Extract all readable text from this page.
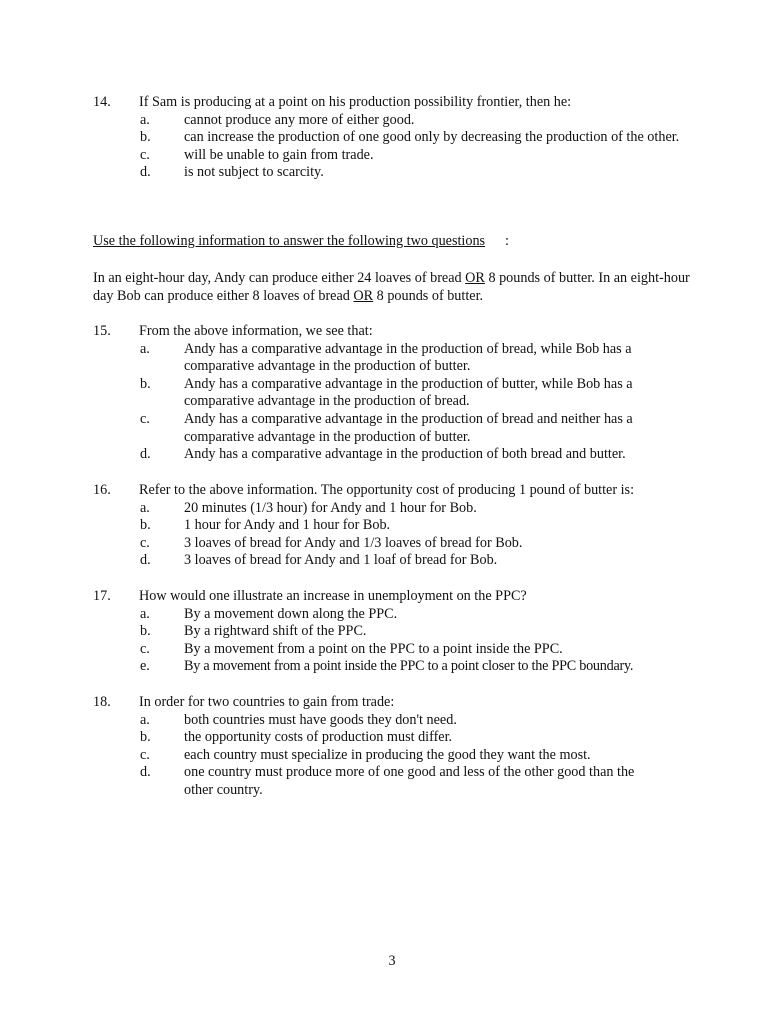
14. If Sam is producing at a point on his production possibility frontier, then he:
a. cannot produce any more of either good.
b. can increase the production of one good only by decreasing the production of the other.
c. will be unable to gain from trade.
d. is not subject to scarcity.
Use the following information to answer the following two questions :
In an eight-hour day, Andy can produce either 24 loaves of bread OR 8 pounds of butter. In an eight-hour day Bob can produce either 8 loaves of bread OR 8 pounds of butter.
15. From the above information, we see that:
a. Andy has a comparative advantage in the production of bread, while Bob has a comparative advantage in the production of butter.
b. Andy has a comparative advantage in the production of butter, while Bob has a comparative advantage in the production of bread.
c. Andy has a comparative advantage in the production of bread and neither has a comparative advantage in the production of butter.
d. Andy has a comparative advantage in the production of both bread and butter.
16. Refer to the above information. The opportunity cost of producing 1 pound of butter is:
a. 20 minutes (1/3 hour) for Andy and 1 hour for Bob.
b. 1 hour for Andy and 1 hour for Bob.
c. 3 loaves of bread for Andy and 1/3 loaves of bread for Bob.
d. 3 loaves of bread for Andy and 1 loaf of bread for Bob.
17. How would one illustrate an increase in unemployment on the PPC?
a. By a movement down along the PPC.
b. By a rightward shift of the PPC.
c. By a movement from a point on the PPC to a point inside the PPC.
e. By a movement from a point inside the PPC to a point closer to the PPC boundary.
18. In order for two countries to gain from trade:
a. both countries must have goods they don't need.
b. the opportunity costs of production must differ.
c. each country must specialize in producing the good they want the most.
d. one country must produce more of one good and less of the other good than the other country.
3
